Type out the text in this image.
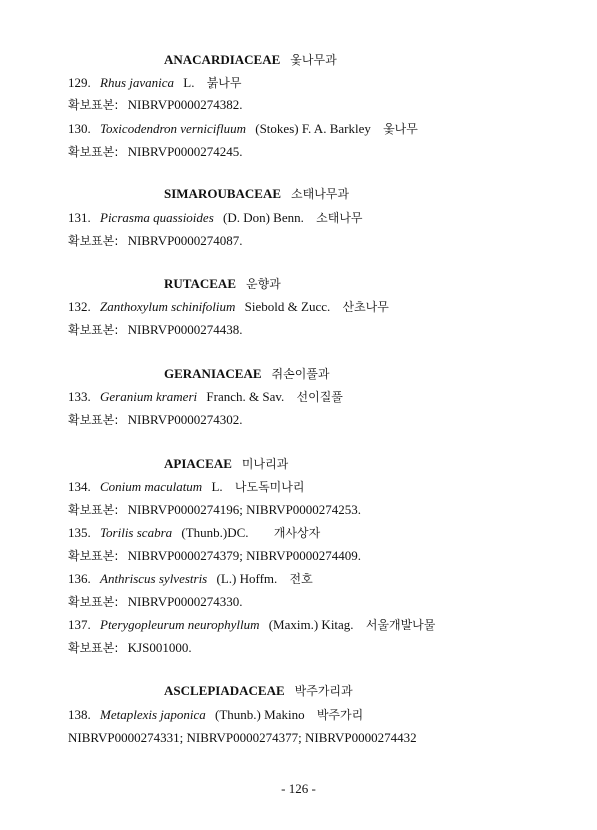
ANACARDIACEAE 옻나무과
129. Rhus javanica L. 붉나무
확보표본: NIBRVP0000274382.
130. Toxicodendron vernicifluum (Stokes) F. A. Barkley 옻나무
확보표본: NIBRVP0000274245.
SIMAROUBACEAE 소태나무과
131. Picrasma quassioides (D. Don) Benn. 소태나무
확보표본: NIBRVP0000274087.
RUTACEAE 운향과
132. Zanthoxylum schinifolium Siebold & Zucc. 산초나무
확보표본: NIBRVP0000274438.
GERANIACEAE 쥐손이풀과
133. Geranium krameri Franch. & Sav. 선이질풀
확보표본: NIBRVP0000274302.
APIACEAE 미나리과
134. Conium maculatum L. 나도독미나리
확보표본: NIBRVP0000274196; NIBRVP0000274253.
135. Torilis scabra (Thunb.)DC. 개사상자
확보표본: NIBRVP0000274379; NIBRVP0000274409.
136. Anthriscus sylvestris (L.) Hoffm. 전호
확보표본: NIBRVP0000274330.
137. Pterygopleurum neurophyllum (Maxim.) Kitag. 서울개발나물
확보표본: KJS001000.
ASCLEPIADACEAE 박주가리과
138. Metaplexis japonica (Thunb.) Makino 박주가리
NIBRVP0000274331; NIBRVP0000274377; NIBRVP0000274432
- 126 -
